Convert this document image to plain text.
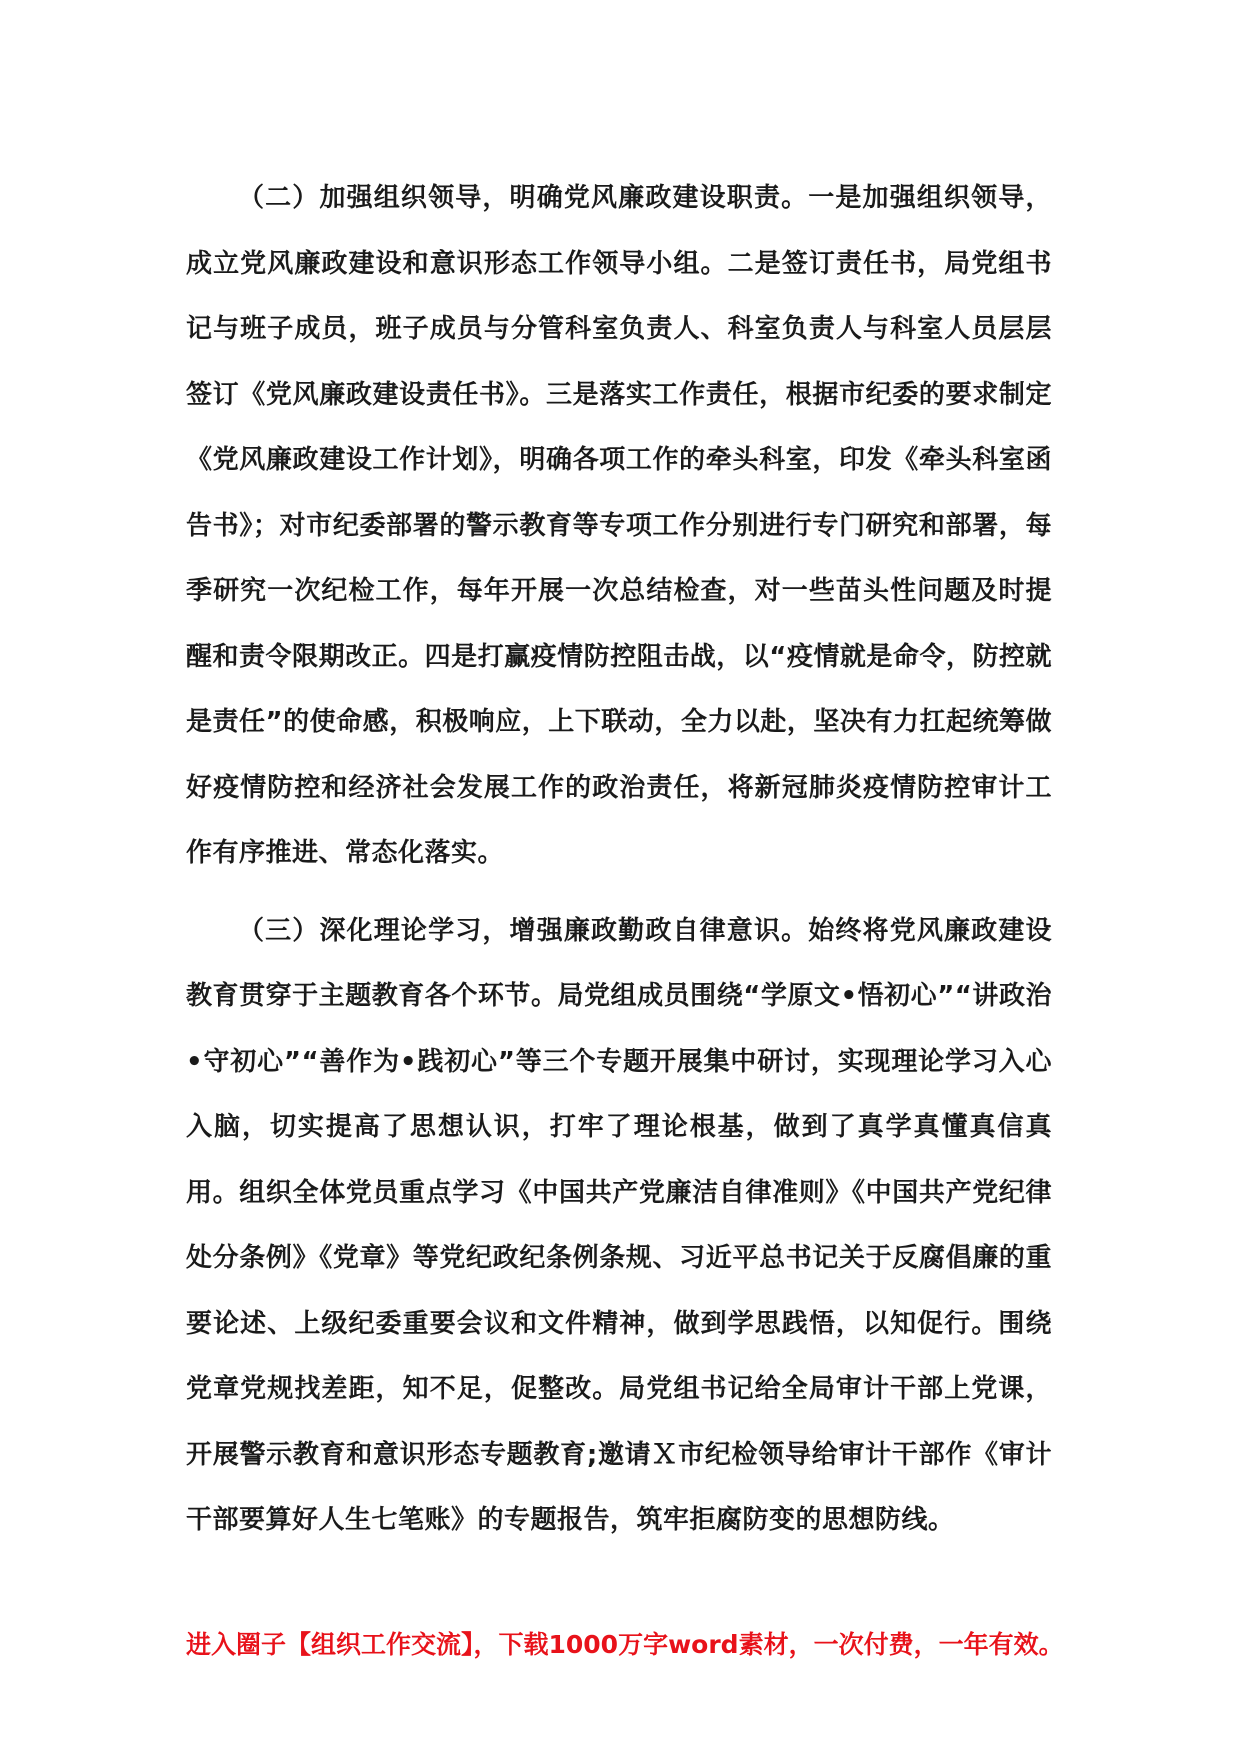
（二）加强组织领导，明确党风廉政建设职责。一是加强组织领导，成立党风廉政建设和意识形态工作领导小组。二是签订责任书，局党组书记与班子成员，班子成员与分管科室负责人、科室负责人与科室人员层层签订《党风廉政建设责任书》。三是落实工作责任，根据市纪委的要求制定《党风廉政建设工作计划》，明确各项工作的牵头科室，印发《牵头科室函告书》；对市纪委部署的警示教育等专项工作分别进行专门研究和部署，每季研究一次纪检工作，每年开展一次总结检查，对一些苗头性问题及时提醒和责令限期改正。四是打赢疫情防控阻击战，以“疫情就是命令，防控就是责任”的使命感，积极响应，上下联动，全力以赴，坚决有力扛起统筹做好疫情防控和经济社会发展工作的政治责任，将新冠肺炎疫情防控审计工作有序推进、常态化落实。

（三）深化理论学习，增强廉政勤政自律意识。始终将党风廉政建设教育贯穿于主题教育各个环节。局党组成员围绕“学原文•悟初心”“讲政治•守初心”“善作为•践初心”等三个专题开展集中研讨，实现理论学习入心入脑，切实提高了思想认识，打牢了理论根基，做到了真学真懂真信真用。组织全体党员重点学习《中国共产党廉洁自律准则》《中国共产党纪律处分条例》《党章》等党纪政纪条例条规、习近平总书记关于反腐倡廉的重要论述、上级纪委重要会议和文件精神，做到学思践悟，以知促行。围绕党章党规找差距，知不足，促整改。局党组书记给全局审计干部上党课，开展警示教育和意识形态专题教育;邀请Ｘ市纪检领导给审计干部作《审计干部要算好人生七笔账》的专题报告，筑牢拒腐防变的思想防线。

进入圈子【组织工作交流】，下载1000万字word素材，一次付费，一年有效。
